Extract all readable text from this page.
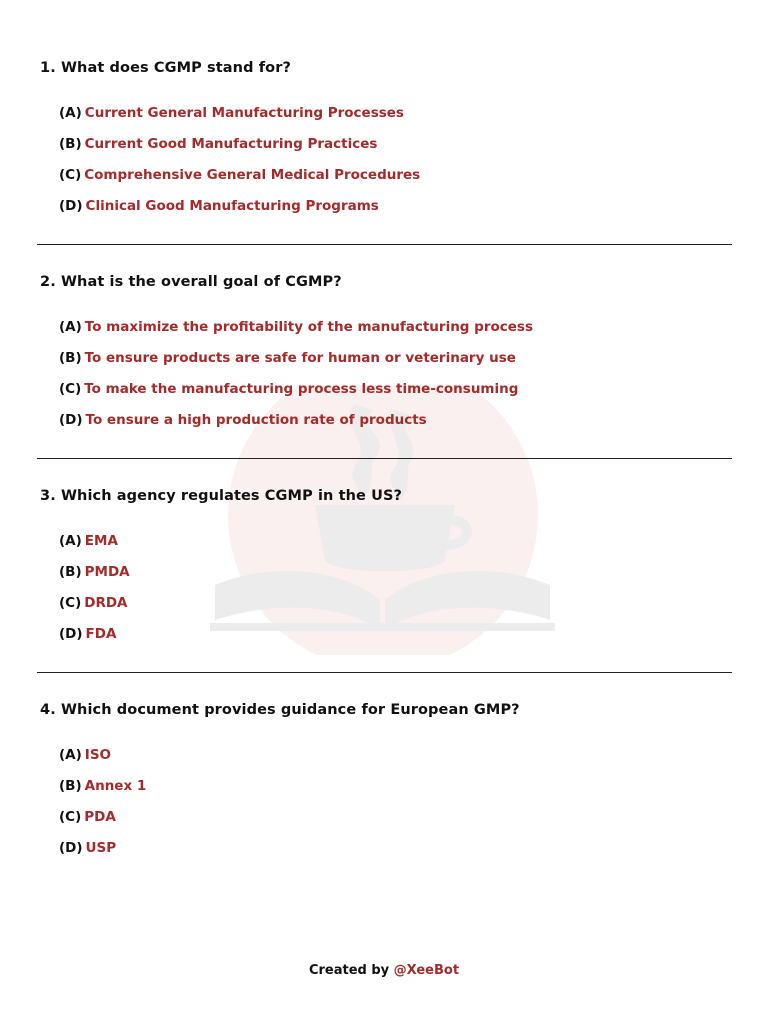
1. What does CGMP stand for?
(A) Current General Manufacturing Processes
(B) Current Good Manufacturing Practices
(C) Comprehensive General Medical Procedures
(D) Clinical Good Manufacturing Programs
2. What is the overall goal of CGMP?
(A) To maximize the profitability of the manufacturing process
(B) To ensure products are safe for human or veterinary use
(C) To make the manufacturing process less time-consuming
(D) To ensure a high production rate of products
3. Which agency regulates CGMP in the US?
(A) EMA
(B) PMDA
(C) DRDA
(D) FDA
4. Which document provides guidance for European GMP?
(A) ISO
(B) Annex 1
(C) PDA
(D) USP
Created by @XeeBot
